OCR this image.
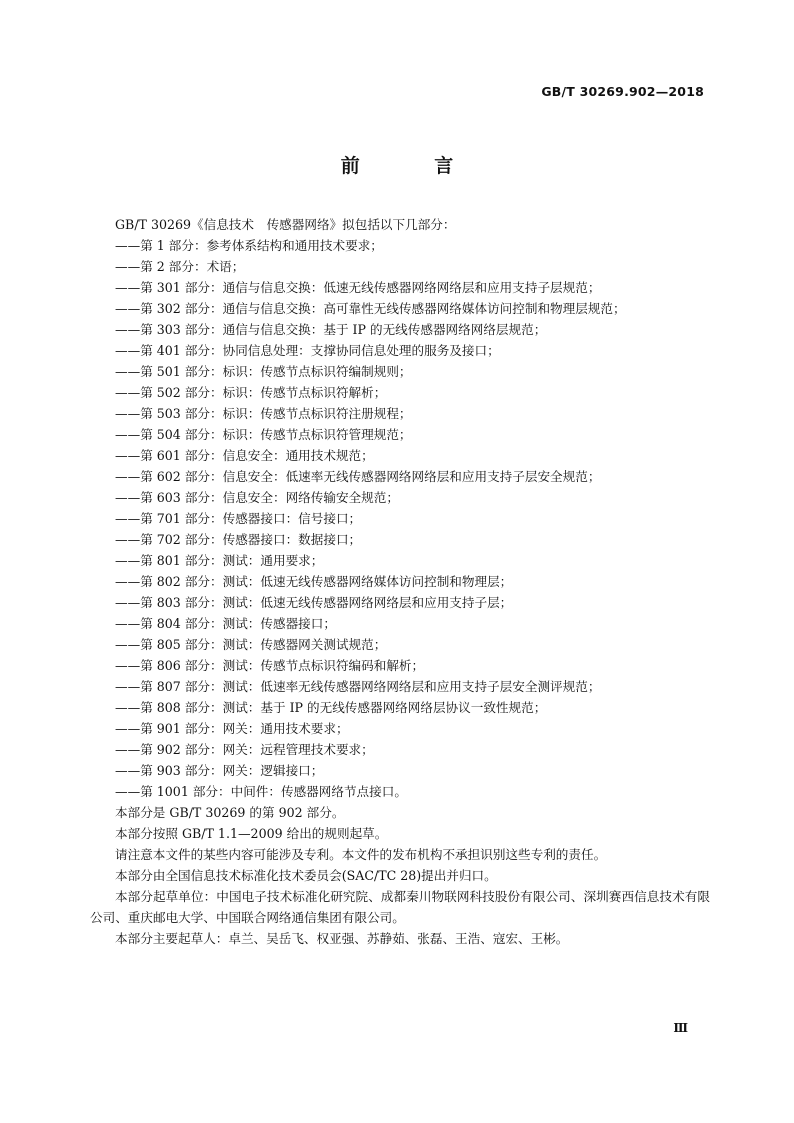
GB/T 30269.902—2018
前 言
GB/T 30269《信息技术　传感器网络》拟包括以下几部分：
——第 1 部分：参考体系结构和通用技术要求；
——第 2 部分：术语；
——第 301 部分：通信与信息交换：低速无线传感器网络网络层和应用支持子层规范；
——第 302 部分：通信与信息交换：高可靠性无线传感器网络媒体访问控制和物理层规范；
——第 303 部分：通信与信息交换：基于 IP 的无线传感器网络网络层规范；
——第 401 部分：协同信息处理：支撑协同信息处理的服务及接口；
——第 501 部分：标识：传感节点标识符编制规则；
——第 502 部分：标识：传感节点标识符解析；
——第 503 部分：标识：传感节点标识符注册规程；
——第 504 部分：标识：传感节点标识符管理规范；
——第 601 部分：信息安全：通用技术规范；
——第 602 部分：信息安全：低速率无线传感器网络网络层和应用支持子层安全规范；
——第 603 部分：信息安全：网络传输安全规范；
——第 701 部分：传感器接口：信号接口；
——第 702 部分：传感器接口：数据接口；
——第 801 部分：测试：通用要求；
——第 802 部分：测试：低速无线传感器网络媒体访问控制和物理层；
——第 803 部分：测试：低速无线传感器网络网络层和应用支持子层；
——第 804 部分：测试：传感器接口；
——第 805 部分：测试：传感器网关测试规范；
——第 806 部分：测试：传感节点标识符编码和解析；
——第 807 部分：测试：低速率无线传感器网络网络层和应用支持子层安全测评规范；
——第 808 部分：测试：基于 IP 的无线传感器网络网络层协议一致性规范；
——第 901 部分：网关：通用技术要求；
——第 902 部分：网关：远程管理技术要求；
——第 903 部分：网关：逻辑接口；
——第 1001 部分：中间件：传感器网络节点接口。
本部分是 GB/T 30269 的第 902 部分。
本部分按照 GB/T 1.1—2009 给出的规则起草。
请注意本文件的某些内容可能涉及专利。本文件的发布机构不承担识别这些专利的责任。
本部分由全国信息技术标准化技术委员会(SAC/TC 28)提出并归口。
本部分起草单位：中国电子技术标准化研究院、成都秦川物联网科技股份有限公司、深圳赛西信息技术有限公司、重庆邮电大学、中国联合网络通信集团有限公司。
本部分主要起草人：卓兰、吴岳飞、权亚强、苏静茹、张磊、王浩、寇宏、王彬。
Ⅲ
